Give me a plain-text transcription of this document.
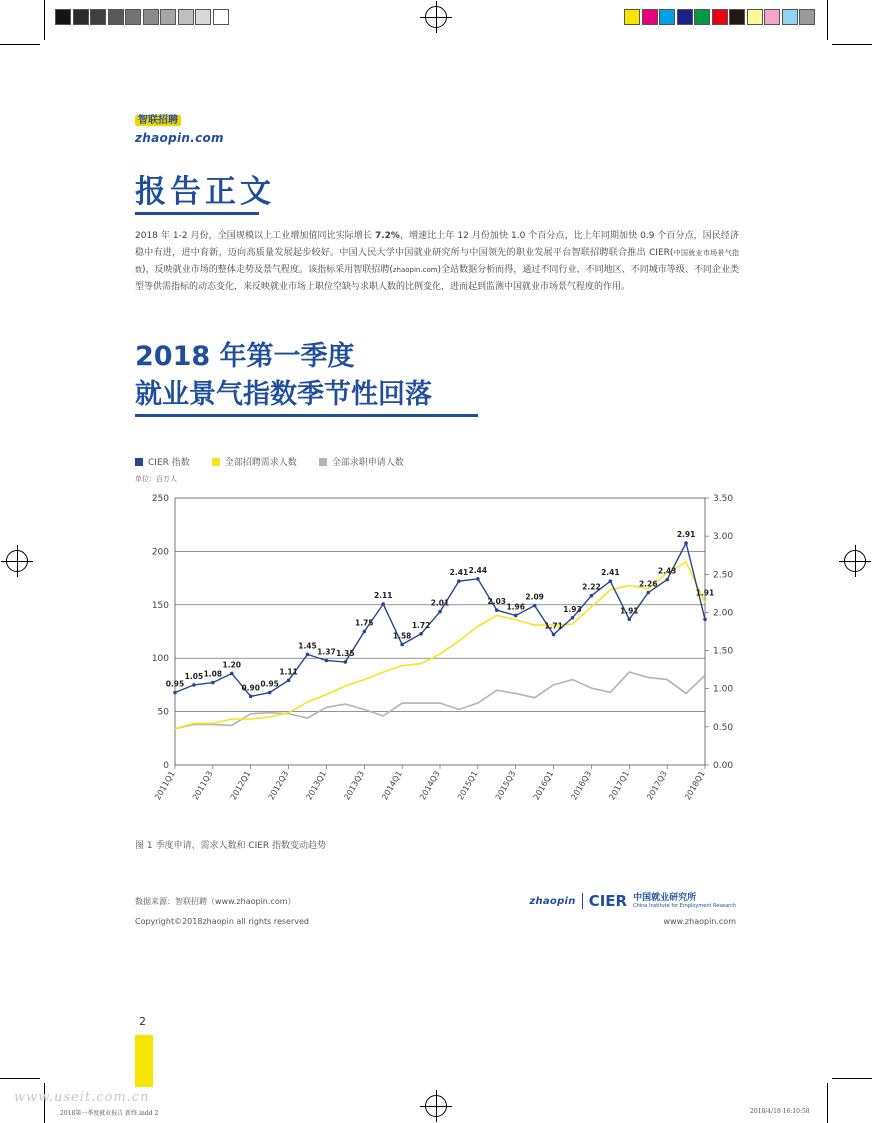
智联招聘
zhaopin.com
报告正文
2018 年 1-2 月份，全国规模以上工业增加值同比实际增长 7.2%，增速比上年 12 月份加快 1.0 个百分点，比上年同期加快 0.9 个百分点，国民经济稳中有进，进中育新，迈向高质量发展起步较好。中国人民大学中国就业研究所与中国领先的职业发展平台智联招聘联合推出 CIER(中国就业市场景气指数)，反映就业市场的整体走势及景气程度。该指标采用智联招聘(zhaopin.com)全站数据分析而得，通过不同行业、不同地区、不同城市等级、不同企业类型等供需指标的动态变化，来反映就业市场上职位空缺与求职人数的比例变化，进而起到监测中国就业市场景气程度的作用。
2018 年第一季度
就业景气指数季节性回落
CIER 指数	全部招聘需求人数	全部求职申请人数
单位：百万人
0
50
100
150
200
250
0.00
0.50
1.00
1.50
2.00
2.50
3.00
3.50
2011Q1 2011Q3 2012Q1 2012Q3 2013Q1 2013Q3 2014Q1 2014Q3 2015Q1 2015Q3 2016Q1 2016Q3 2017Q1 2017Q3 2018Q1
0.95
1.05 1.08
1.20
0.90 0.95
1.11
1.45
1.37 1.35
1.75
2.11
1.58
1.72
2.01
2.41 2.44
2.03
1.96
2.09
1.71
1.93
2.22
2.41
1.91
2.26
2.43
2.91
1.91
图 1 季度申请、需求人数和 CIER 指数变动趋势
数据来源：智联招聘（www.zhaopin.com）	zhaopin CIER 中国就业研究所
China Institute for Employment Research
Copyright©2018zhaopin all rights reserved	www.zhaopin.com
2
www.useit.com.cn
2018第一季度就业报告 新终.indd 2	2018/4/18 16:10:58
